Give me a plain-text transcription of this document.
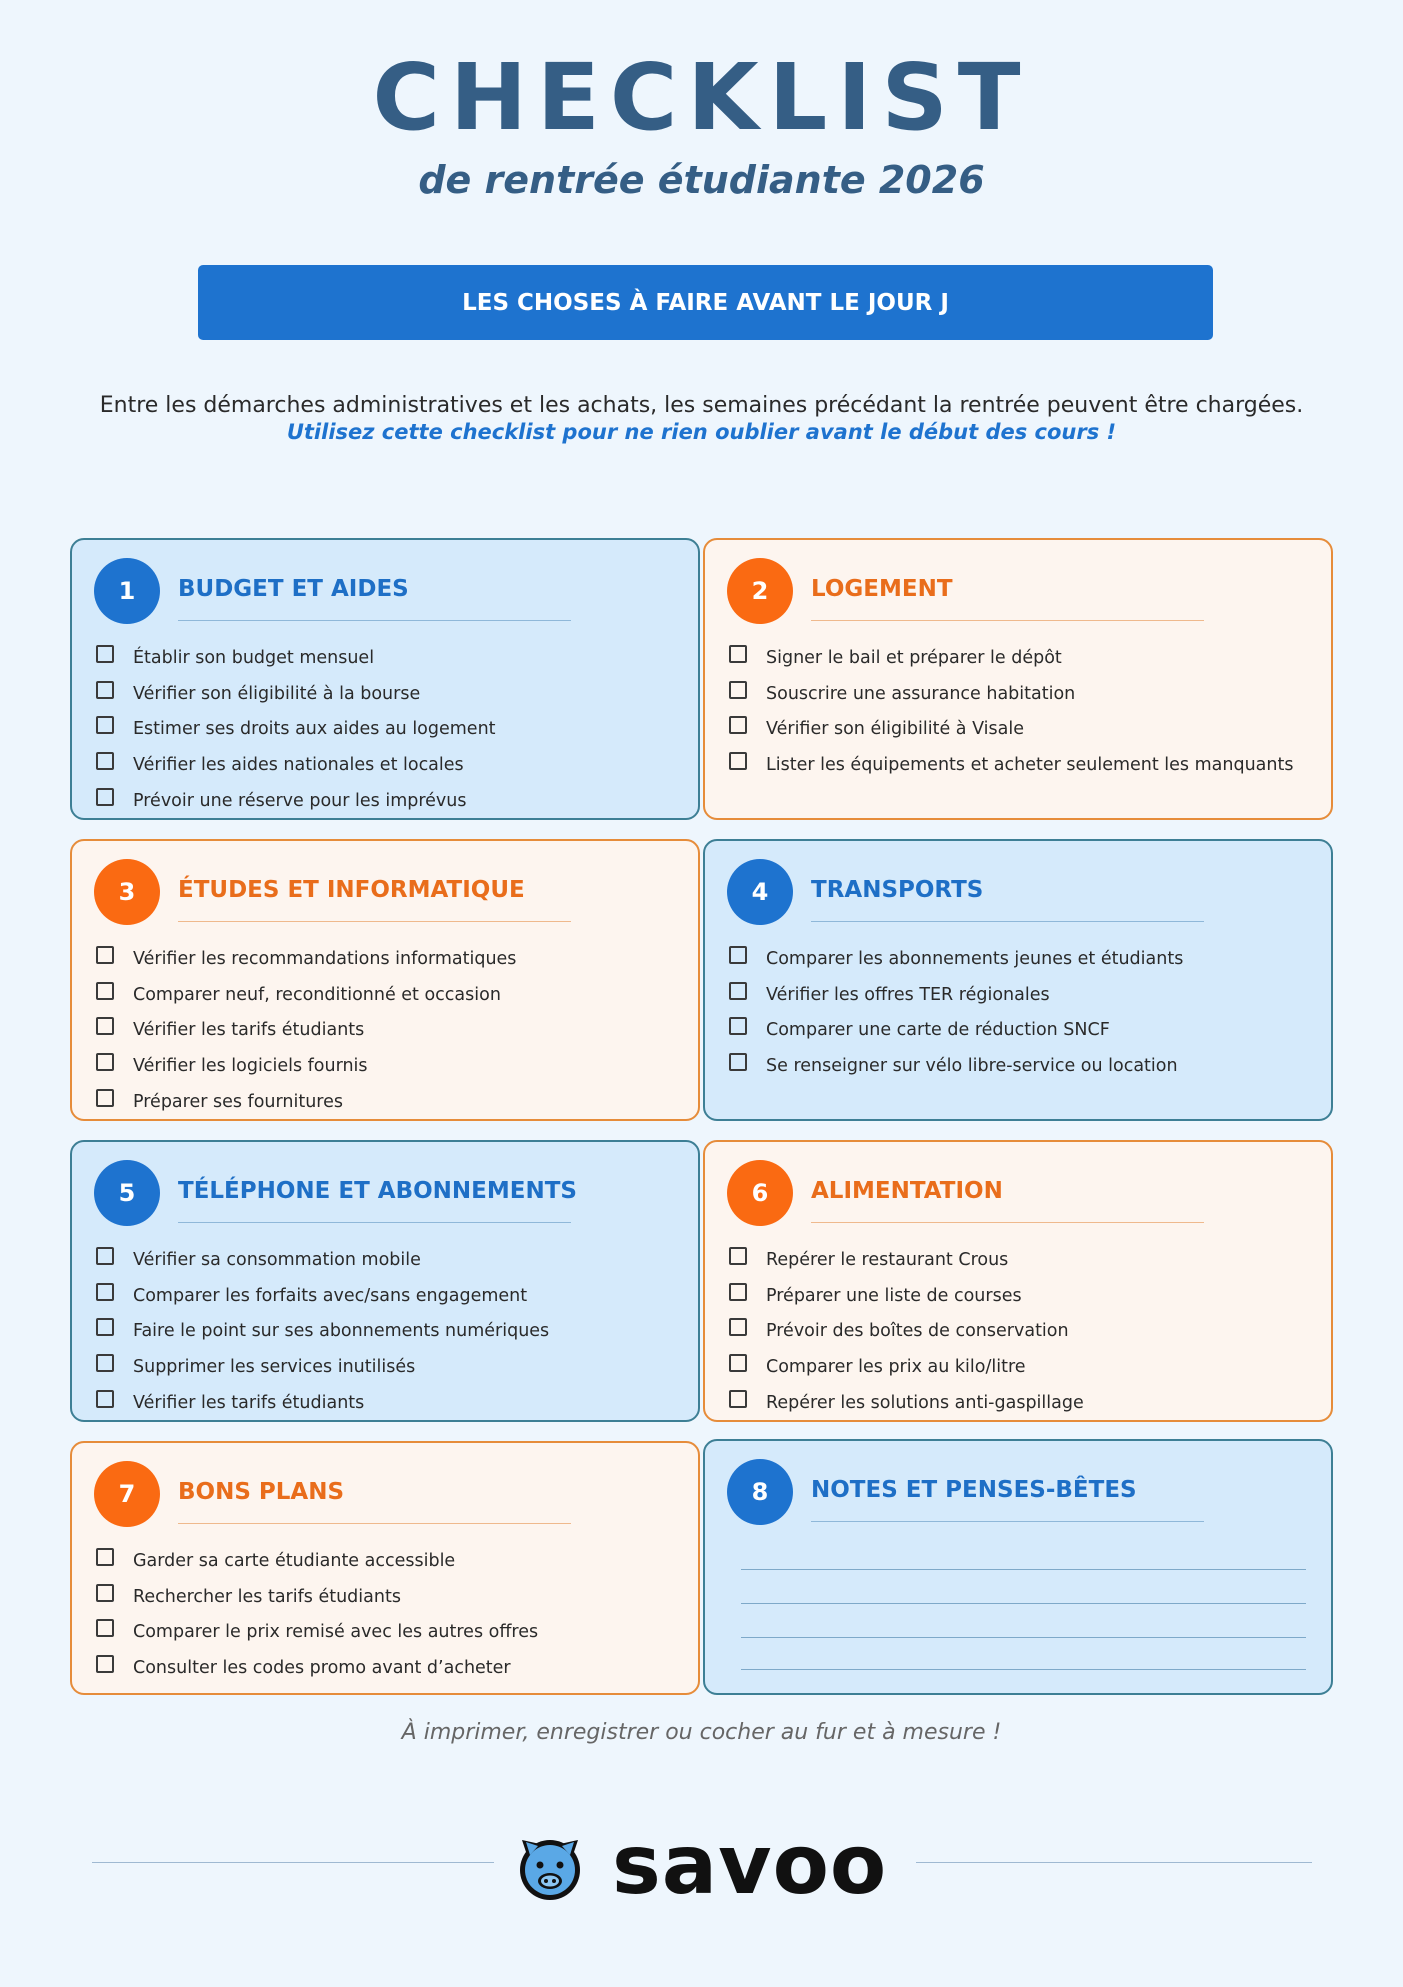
CHECKLIST
de rentrée étudiante 2026
LES CHOSES À FAIRE AVANT LE JOUR J
Entre les démarches administratives et les achats, les semaines précédant la rentrée peuvent être chargées.
Utilisez cette checklist pour ne rien oublier avant le début des cours !
1	BUDGET ET AIDES
Établir son budget mensuel
Vérifier son éligibilité à la bourse
Estimer ses droits aux aides au logement
Vérifier les aides nationales et locales
Prévoir une réserve pour les imprévus
2	LOGEMENT
Signer le bail et préparer le dépôt
Souscrire une assurance habitation
Vérifier son éligibilité à Visale
Lister les équipements et acheter seulement les manquants
3	ÉTUDES ET INFORMATIQUE
Vérifier les recommandations informatiques
Comparer neuf, reconditionné et occasion
Vérifier les tarifs étudiants
Vérifier les logiciels fournis
Préparer ses fournitures
4	TRANSPORTS
Comparer les abonnements jeunes et étudiants
Vérifier les offres TER régionales
Comparer une carte de réduction SNCF
Se renseigner sur vélo libre-service ou location
5	TÉLÉPHONE ET ABONNEMENTS
Vérifier sa consommation mobile
Comparer les forfaits avec/sans engagement
Faire le point sur ses abonnements numériques
Supprimer les services inutilisés
Vérifier les tarifs étudiants
6	ALIMENTATION
Repérer le restaurant Crous
Préparer une liste de courses
Prévoir des boîtes de conservation
Comparer les prix au kilo/litre
Repérer les solutions anti-gaspillage
7	BONS PLANS
Garder sa carte étudiante accessible
Rechercher les tarifs étudiants
Comparer le prix remisé avec les autres offres
Consulter les codes promo avant d’acheter
8	NOTES ET PENSES-BÊTES
À imprimer, enregistrer ou cocher au fur et à mesure !
savoo
